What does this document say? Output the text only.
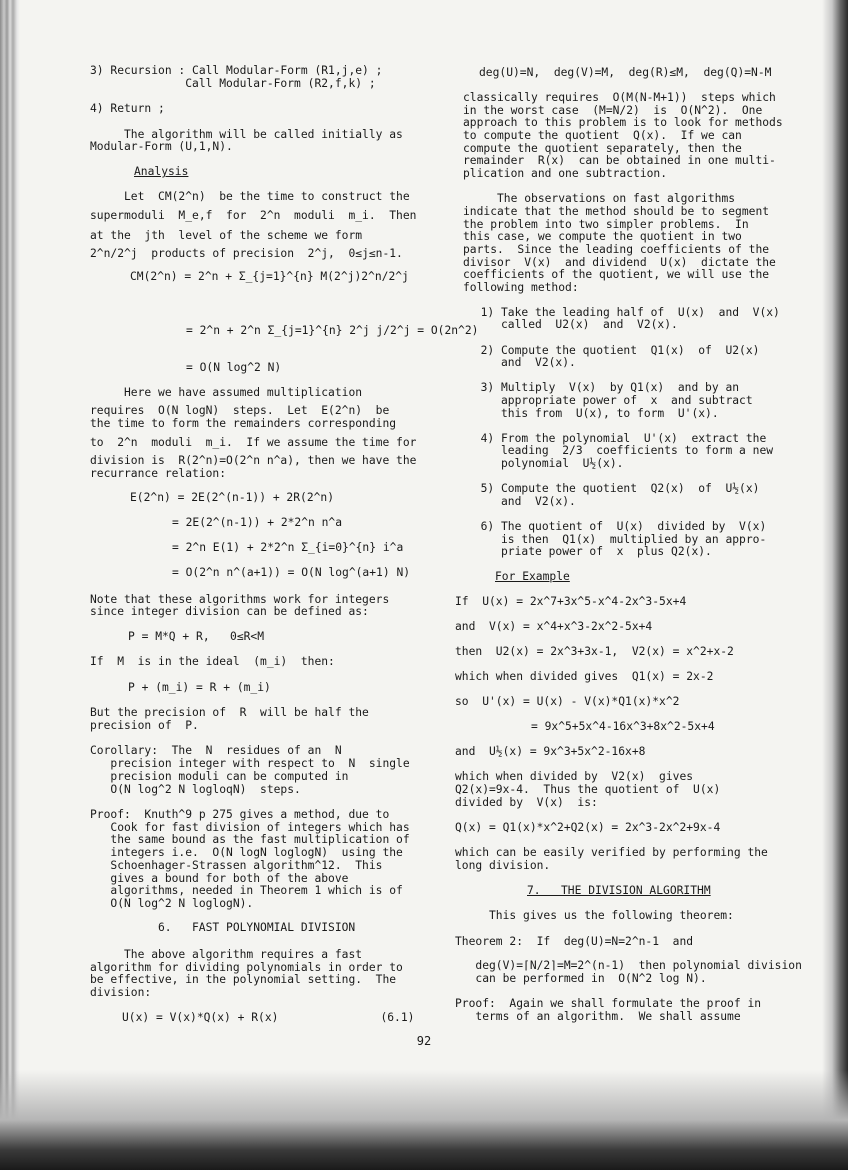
3) Recursion : Call Modular-Form (R1,j,e) ;
Call Modular-Form (R2,f,k) ;
4) Return ;
The algorithm will be called initially as
Modular-Form (U,1,N).
Analysis
Let  CM(2^n)  be the time to construct the
supermoduli  M_e,f  for  2^n  moduli  m_i.  Then
at the  jth  level of the scheme we form
2^n/2^j  products of precision  2^j,  0≤j≤n-1.
CM(2^n) = 2^n + Σ_{j=1}^{n} M(2^j)2^n/2^j
= 2^n + 2^n Σ_{j=1}^{n} 2^j j/2^j = O(2n^2)
= O(N log^2 N)
Here we have assumed multiplication
requires  O(N logN)  steps.  Let  E(2^n)  be
the time to form the remainders corresponding
to  2^n  moduli  m_i.  If we assume the time for
division is  R(2^n)=O(2^n n^a), then we have the
recurrance relation:
E(2^n) = 2E(2^(n-1)) + 2R(2^n)
= 2E(2^(n-1)) + 2*2^n n^a
= 2^n E(1) + 2*2^n Σ_{i=0}^{n} i^a
= O(2^n n^(a+1)) = O(N log^(a+1) N)
Note that these algorithms work for integers
since integer division can be defined as:
P = M*Q + R,   0≤R<M
If  M  is in the ideal  (m_i)  then:
P + (m_i) = R + (m_i)
But the precision of  R  will be half the
precision of  P.
Corollary:  The  N  residues of an  N
precision integer with respect to  N  single
precision moduli can be computed in
O(N log^2 N logloqN)  steps.
Proof:  Knuth^9 p 275 gives a method, due to
Cook for fast division of integers which has
the same bound as the fast multiplication of
integers i.e.  O(N logN loglogN)  using the
Schoenhager-Strassen algorithm^12.  This
gives a bound for both of the above
algorithms, needed in Theorem 1 which is of
O(N log^2 N loglogN).
6.   FAST POLYNOMIAL DIVISION
The above algorithm requires a fast
algorithm for dividing polynomials in order to
be effective, in the polynomial setting.  The
division:
U(x) = V(x)*Q(x) + R(x)               (6.1)
deg(U)=N,  deg(V)=M,  deg(R)≤M,  deg(Q)=N-M
classically requires  O(M(N-M+1))  steps which
in the worst case  (M=N/2)  is  O(N^2).  One
approach to this problem is to look for methods
to compute the quotient  Q(x).  If we can
compute the quotient separately, then the
remainder  R(x)  can be obtained in one multi-
plication and one subtraction.
The observations on fast algorithms
indicate that the method should be to segment
the problem into two simpler problems.  In
this case, we compute the quotient in two
parts.  Since the leading coefficients of the
divisor  V(x)  and dividend  U(x)  dictate the
coefficients of the quotient, we will use the
following method:
1) Take the leading half of  U(x)  and  V(x)
called  U2(x)  and  V2(x).
2) Compute the quotient  Q1(x)  of  U2(x)
and  V2(x).
3) Multiply  V(x)  by Q1(x)  and by an
appropriate power of  x  and subtract
this from  U(x), to form  U'(x).
4) From the polynomial  U'(x)  extract the
leading  2/3  coefficients to form a new
polynomial  U½(x).
5) Compute the quotient  Q2(x)  of  U½(x)
and  V2(x).
6) The quotient of  U(x)  divided by  V(x)
is then  Q1(x)  multiplied by an appro-
priate power of  x  plus Q2(x).
For Example
If  U(x) = 2x^7+3x^5-x^4-2x^3-5x+4
and  V(x) = x^4+x^3-2x^2-5x+4
then  U2(x) = 2x^3+3x-1,  V2(x) = x^2+x-2
which when divided gives  Q1(x) = 2x-2
so  U'(x) = U(x) - V(x)*Q1(x)*x^2
= 9x^5+5x^4-16x^3+8x^2-5x+4
and  U½(x) = 9x^3+5x^2-16x+8
which when divided by  V2(x)  gives
Q2(x)=9x-4.  Thus the quotient of  U(x)
divided by  V(x)  is:
Q(x) = Q1(x)*x^2+Q2(x) = 2x^3-2x^2+9x-4
which can be easily verified by performing the
long division.
7.   THE DIVISION ALGORITHM
This gives us the following theorem:
Theorem 2:  If  deg(U)=N=2^n-1  and
deg(V)=⌈N/2⌉=M=2^(n-1)  then polynomial division
can be performed in  O(N^2 log N).
Proof:  Again we shall formulate the proof in
terms of an algorithm.  We shall assume
92
